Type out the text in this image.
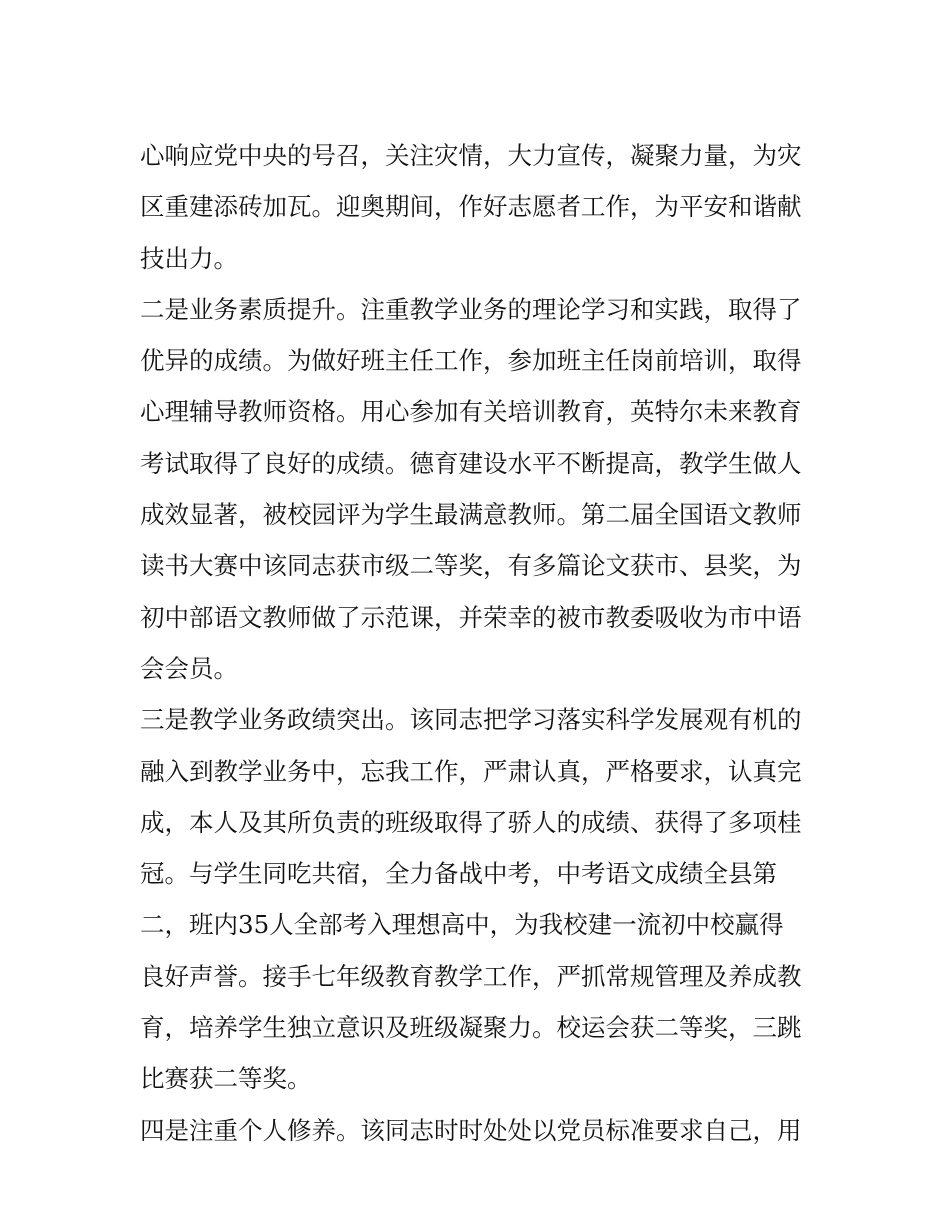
心响应党中央的号召，关注灾情，大力宣传，凝聚力量，为灾
区重建添砖加瓦。迎奥期间，作好志愿者工作，为平安和谐献
技出力。
二是业务素质提升。注重教学业务的理论学习和实践，取得了
优异的成绩。为做好班主任工作，参加班主任岗前培训，取得
心理辅导教师资格。用心参加有关培训教育，英特尔未来教育
考试取得了良好的成绩。德育建设水平不断提高，教学生做人
成效显著，被校园评为学生最满意教师。第二届全国语文教师
读书大赛中该同志获市级二等奖，有多篇论文获市、县奖，为
初中部语文教师做了示范课，并荣幸的被市教委吸收为市中语
会会员。
三是教学业务政绩突出。该同志把学习落实科学发展观有机的
融入到教学业务中，忘我工作，严肃认真，严格要求，认真完
成，本人及其所负责的班级取得了骄人的成绩、获得了多项桂
冠。与学生同吃共宿，全力备战中考，中考语文成绩全县第
二，班内35人全部考入理想高中，为我校建一流初中校赢得
良好声誉。接手七年级教育教学工作，严抓常规管理及养成教
育，培养学生独立意识及班级凝聚力。校运会获二等奖，三跳
比赛获二等奖。
四是注重个人修养。该同志时时处处以党员标准要求自己，用
